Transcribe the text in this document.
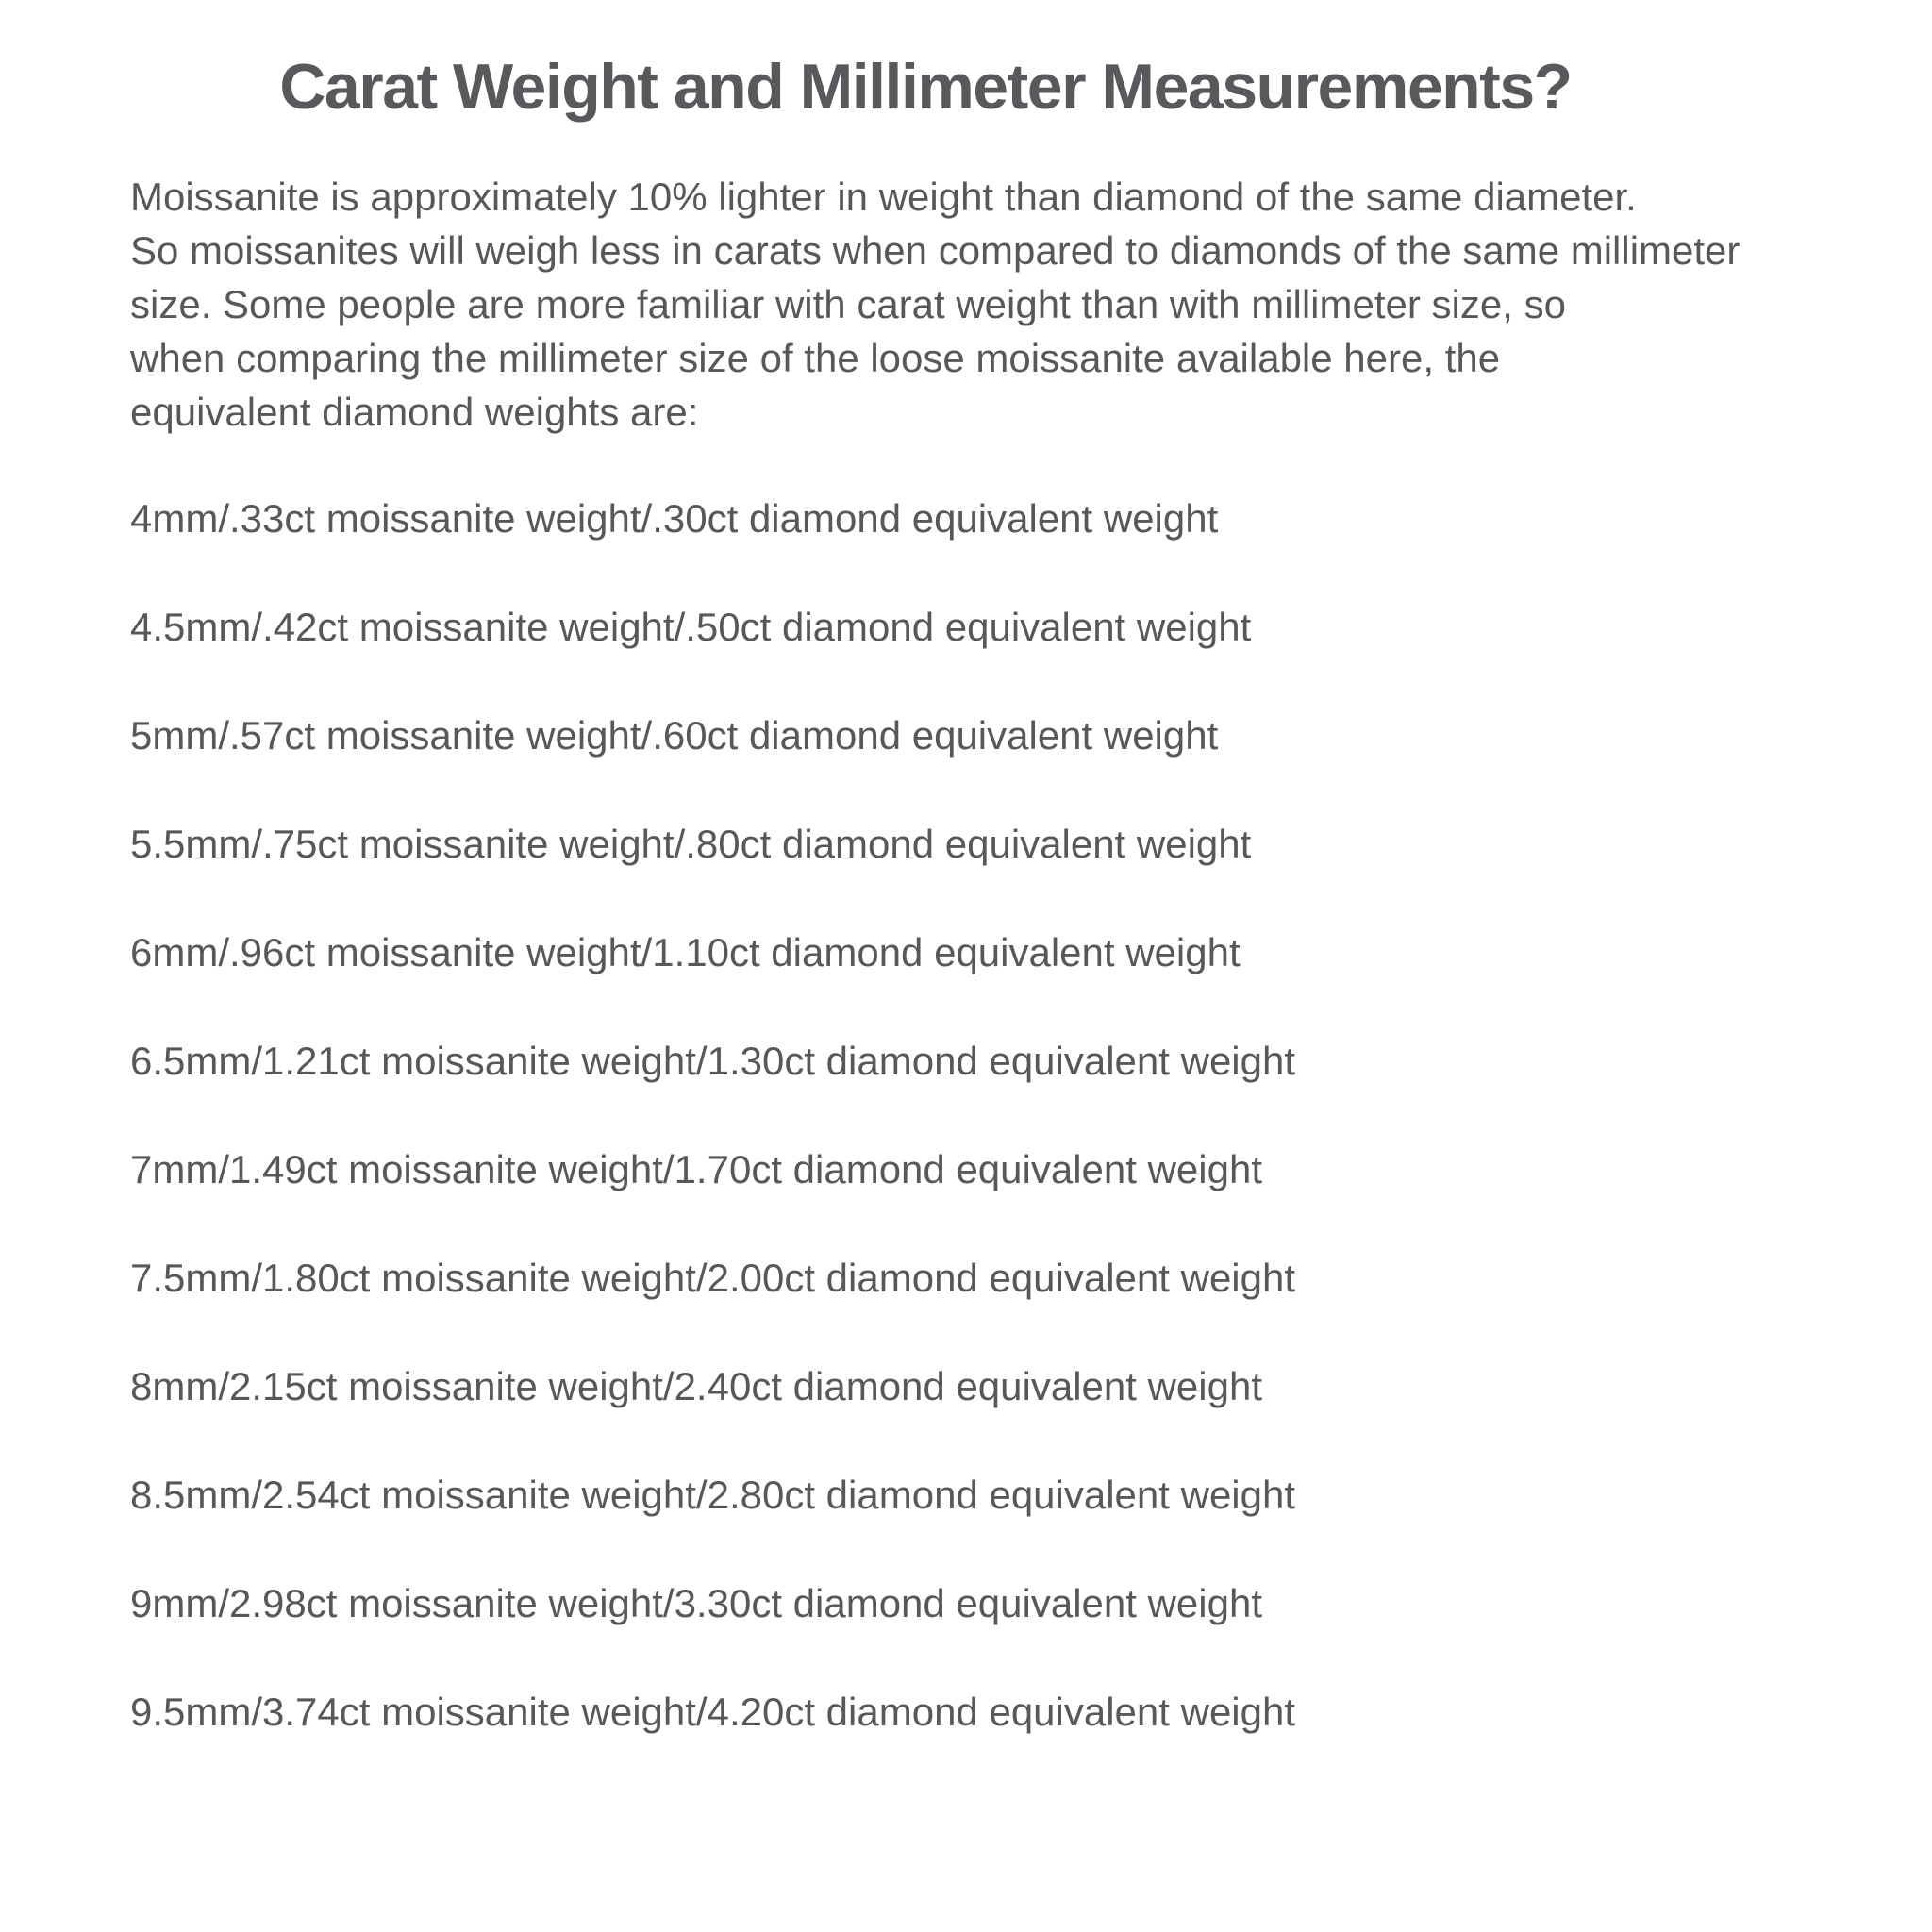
Carat Weight and Millimeter Measurements?
Moissanite is approximately 10% lighter in weight than diamond of the same diameter.
So moissanites will weigh less in carats when compared to diamonds of the same millimeter
size. Some people are more familiar with carat weight than with millimeter size, so
when comparing the millimeter size of the loose moissanite available here, the
equivalent diamond weights are:
4mm/.33ct moissanite weight/.30ct diamond equivalent weight
4.5mm/.42ct moissanite weight/.50ct diamond equivalent weight
5mm/.57ct moissanite weight/.60ct diamond equivalent weight
5.5mm/.75ct moissanite weight/.80ct diamond equivalent weight
6mm/.96ct moissanite weight/1.10ct diamond equivalent weight
6.5mm/1.21ct moissanite weight/1.30ct diamond equivalent weight
7mm/1.49ct moissanite weight/1.70ct diamond equivalent weight
7.5mm/1.80ct moissanite weight/2.00ct diamond equivalent weight
8mm/2.15ct moissanite weight/2.40ct diamond equivalent weight
8.5mm/2.54ct moissanite weight/2.80ct diamond equivalent weight
9mm/2.98ct moissanite weight/3.30ct diamond equivalent weight
9.5mm/3.74ct moissanite weight/4.20ct diamond equivalent weight
